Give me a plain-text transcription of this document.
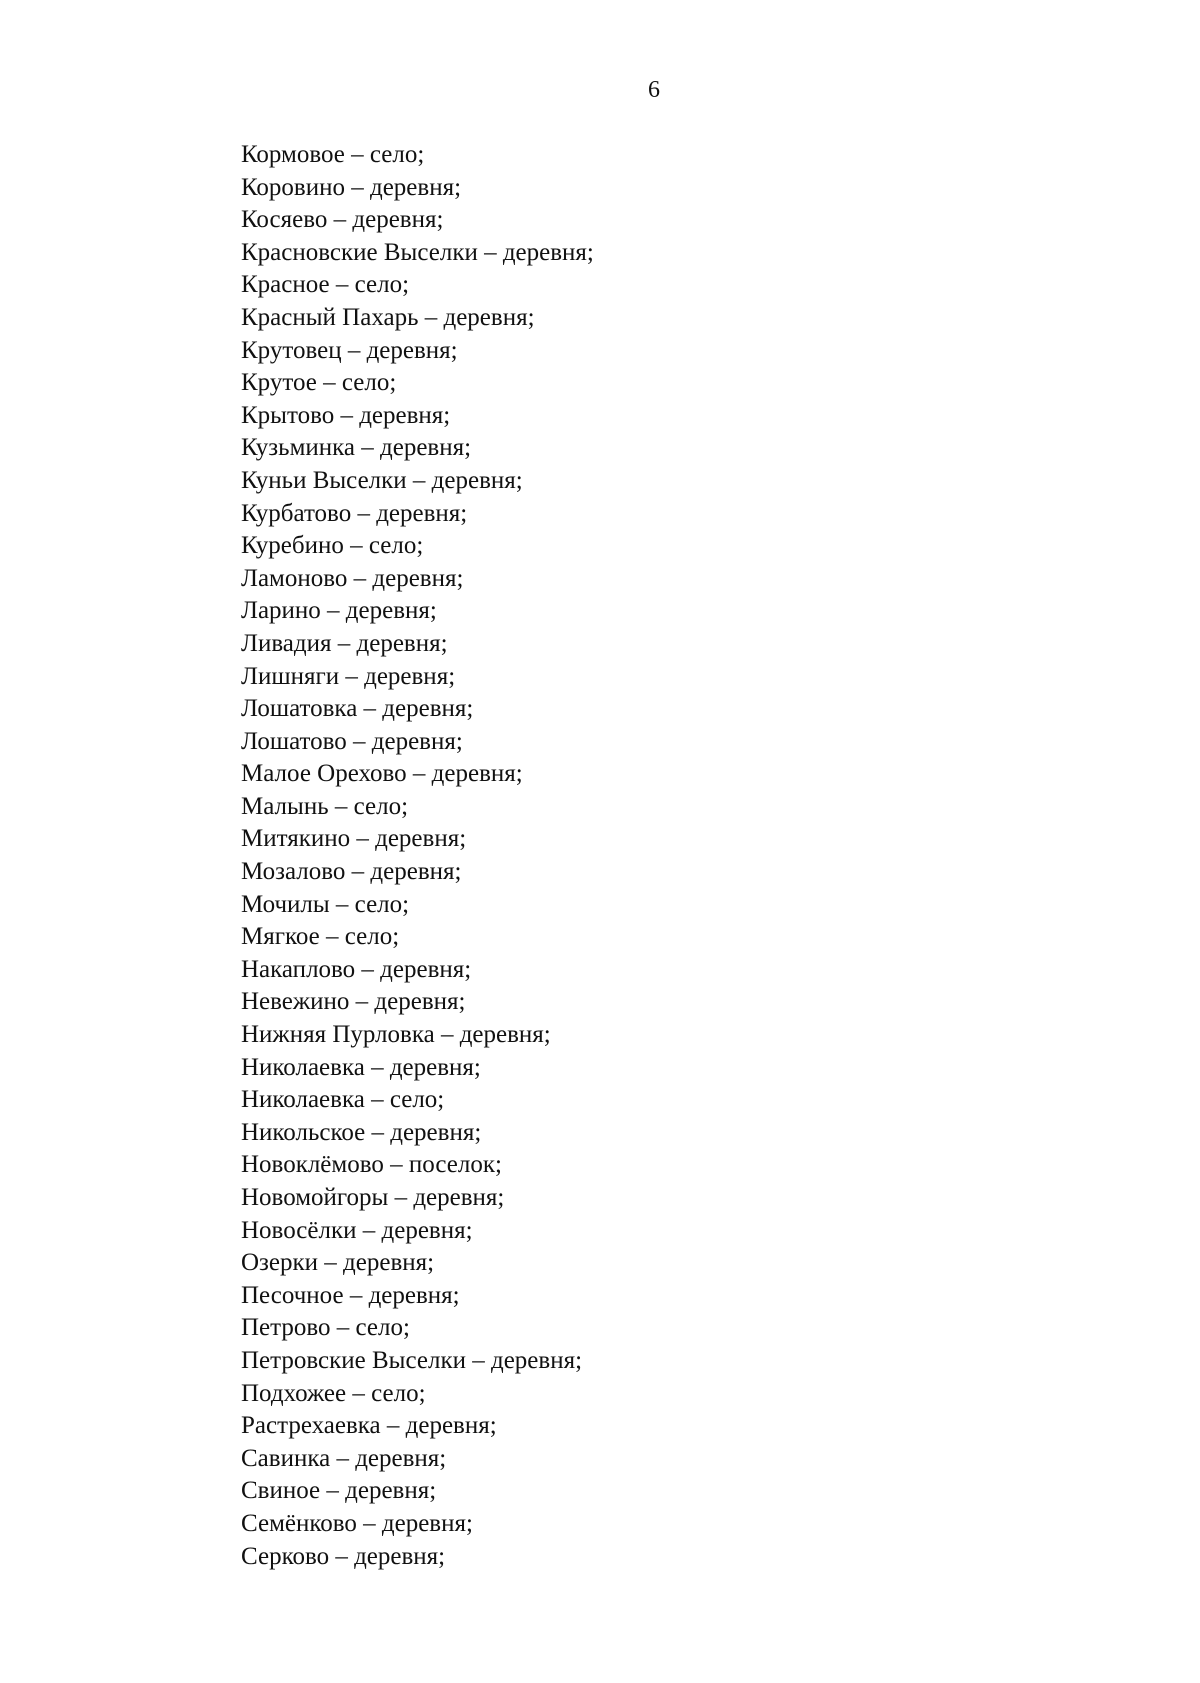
6
Кормовое – село;
Коровино – деревня;
Косяево – деревня;
Красновские Выселки – деревня;
Красное – село;
Красный Пахарь – деревня;
Крутовец – деревня;
Крутое – село;
Крытово – деревня;
Кузьминка – деревня;
Куньи Выселки – деревня;
Курбатово – деревня;
Куребино – село;
Ламоново – деревня;
Ларино – деревня;
Ливадия – деревня;
Лишняги – деревня;
Лошатовка – деревня;
Лошатово – деревня;
Малое Орехово – деревня;
Малынь – село;
Митякино – деревня;
Мозалово – деревня;
Мочилы – село;
Мягкое – село;
Накаплово – деревня;
Невежино – деревня;
Нижняя Пурловка – деревня;
Николаевка – деревня;
Николаевка – село;
Никольское – деревня;
Новоклёмово – поселок;
Новомойгоры – деревня;
Новосёлки – деревня;
Озерки – деревня;
Песочное – деревня;
Петрово – село;
Петровские Выселки – деревня;
Подхожее – село;
Растрехаевка – деревня;
Савинка – деревня;
Свиное – деревня;
Семёнково – деревня;
Серково – деревня;
